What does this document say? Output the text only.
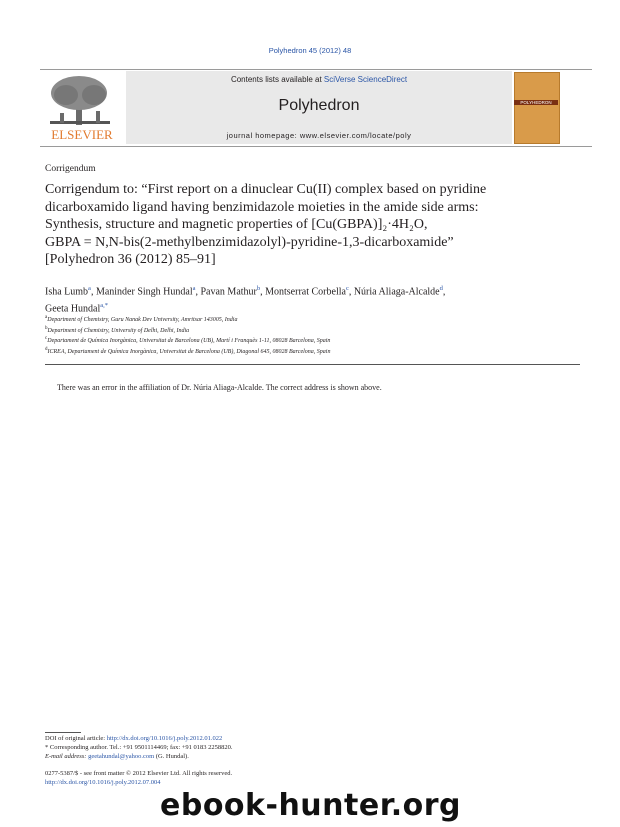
Polyhedron 45 (2012) 48
ELSEVIER
Contents lists available at SciVerse ScienceDirect
Polyhedron
journal homepage: www.elsevier.com/locate/poly
POLYHEDRON
Corrigendum
Corrigendum to: “First report on a dinuclear Cu(II) complex based on pyridine
dicarboxamido ligand having benzimidazole moieties in the amide side arms:
Synthesis, structure and magnetic properties of [Cu(GBPA)]₂·4H₂O,
GBPA = N,N-bis(2-methylbenzimidazolyl)-pyridine-1,3-dicarboxamide”
[Polyhedron 36 (2012) 85–91]
Isha Lumb$^a$, Maninder Singh Hundal$^a$, Pavan Mathur$^b$, Montserrat Corbella$^c$, Núria Aliaga-Alcalde$^d$,
Geeta Hundal$^{a,*}$
$^a$Department of Chemistry, Guru Nanak Dev University, Amritsar 143005, India
$^b$Department of Chemistry, University of Delhi, Delhi, India
$^c$Departament de Química Inorgànica, Universitat de Barcelona (UB), Martí i Franquès 1-11, 08028 Barcelona, Spain
$^d$ICREA, Departament de Química Inorgànica, Universitat de Barcelona (UB), Diagonal 645, 08028 Barcelona, Spain
There was an error in the affiliation of Dr. Núria Aliaga-Alcalde. The correct address is shown above.
DOI of original article: http://dx.doi.org/10.1016/j.poly.2012.01.022
* Corresponding author. Tel.: +91 9501114469; fax: +91 0183 2258820.
E-mail address: geetahundal@yahoo.com (G. Hundal).
0277-5387/$ - see front matter © 2012 Elsevier Ltd. All rights reserved.
http://dx.doi.org/10.1016/j.poly.2012.07.004
ebook-hunter.org
